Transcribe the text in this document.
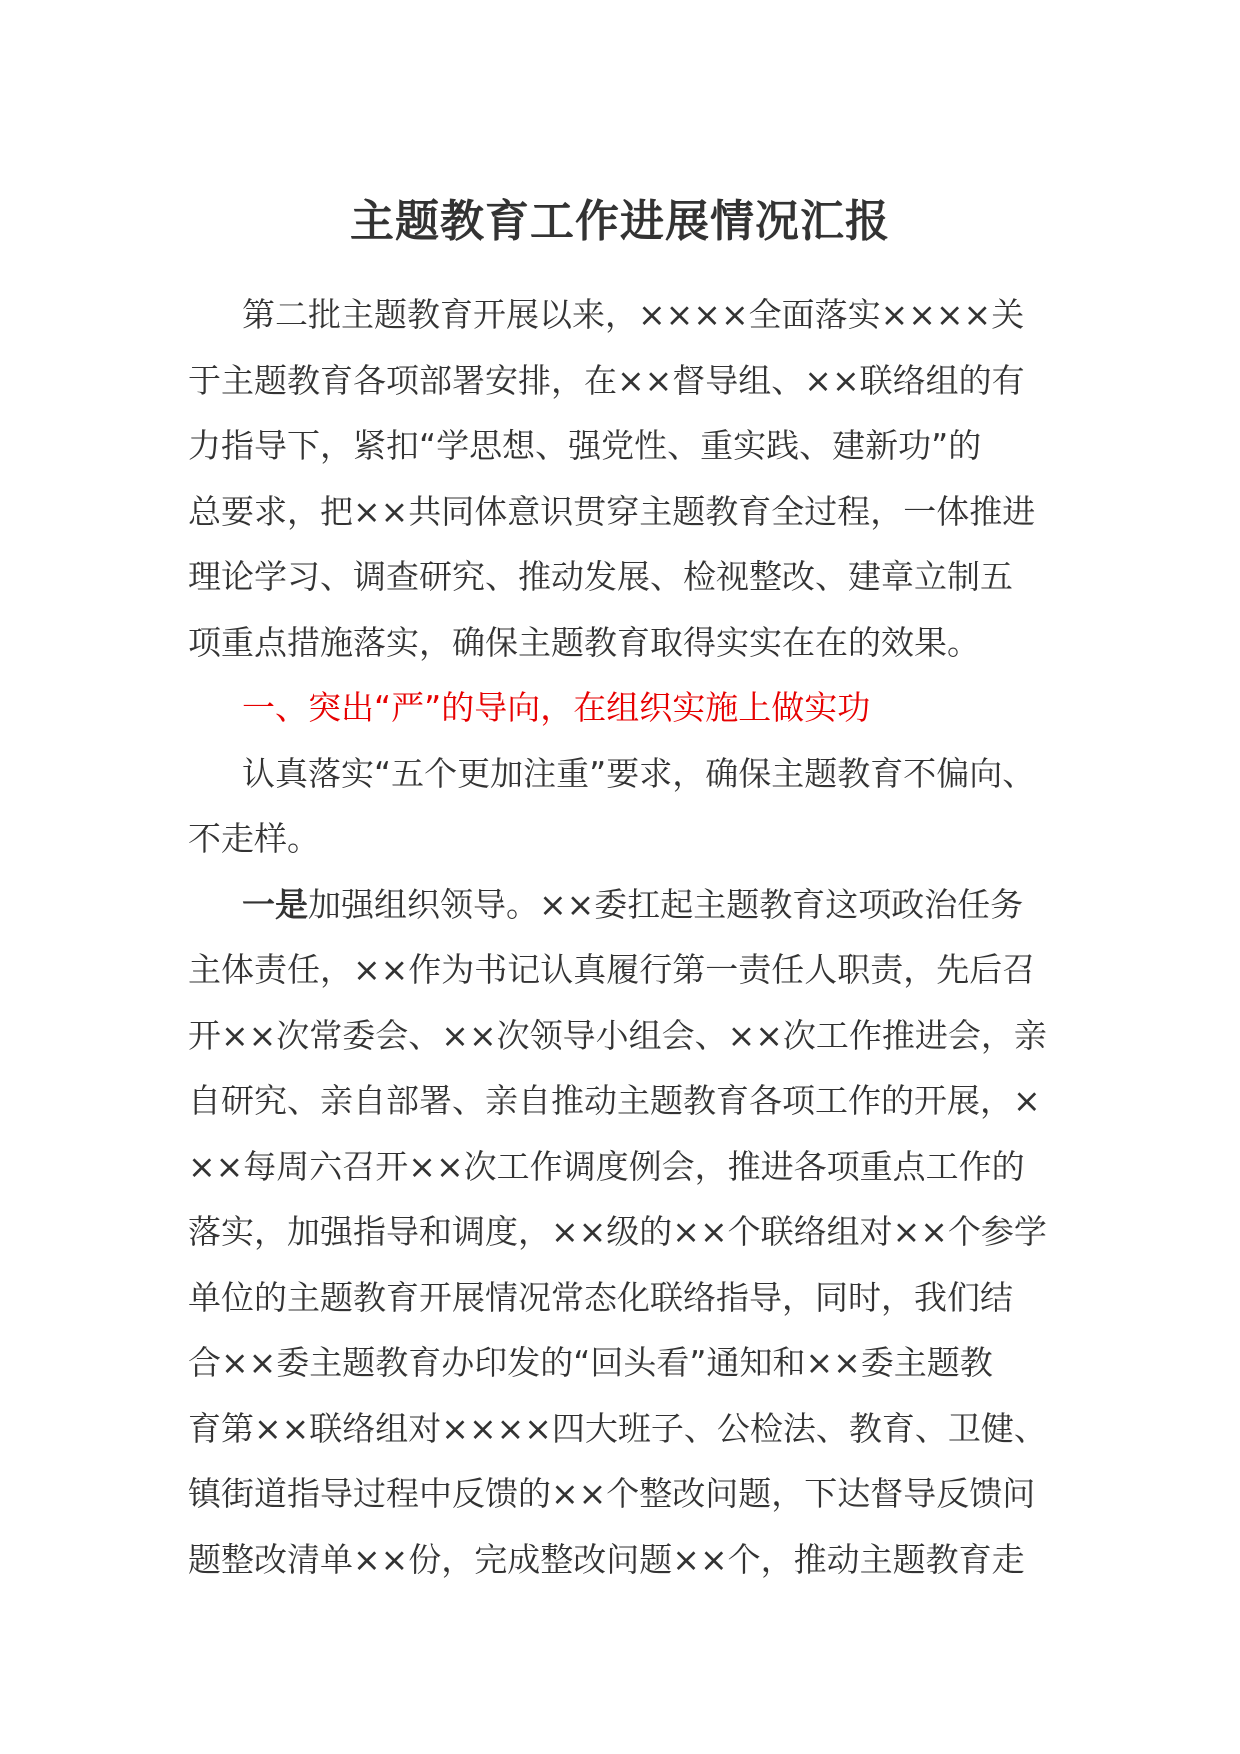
主题教育工作进展情况汇报
第二批主题教育开展以来，××××全面落实××××关
于主题教育各项部署安排，在××督导组、××联络组的有
力指导下，紧扣“学思想、强党性、重实践、建新功”的
总要求，把××共同体意识贯穿主题教育全过程，一体推进
理论学习、调查研究、推动发展、检视整改、建章立制五
项重点措施落实，确保主题教育取得实实在在的效果。
一、突出“严”的导向，在组织实施上做实功
认真落实“五个更加注重”要求，确保主题教育不偏向、
不走样。
一是加强组织领导。××委扛起主题教育这项政治任务
主体责任，××作为书记认真履行第一责任人职责，先后召
开××次常委会、××次领导小组会、××次工作推进会，亲
自研究、亲自部署、亲自推动主题教育各项工作的开展，×
××每周六召开××次工作调度例会，推进各项重点工作的
落实，加强指导和调度，××级的××个联络组对××个参学
单位的主题教育开展情况常态化联络指导，同时，我们结
合××委主题教育办印发的“回头看”通知和××委主题教
育第××联络组对××××四大班子、公检法、教育、卫健、
镇街道指导过程中反馈的××个整改问题，下达督导反馈问
题整改清单××份，完成整改问题××个，推动主题教育走
